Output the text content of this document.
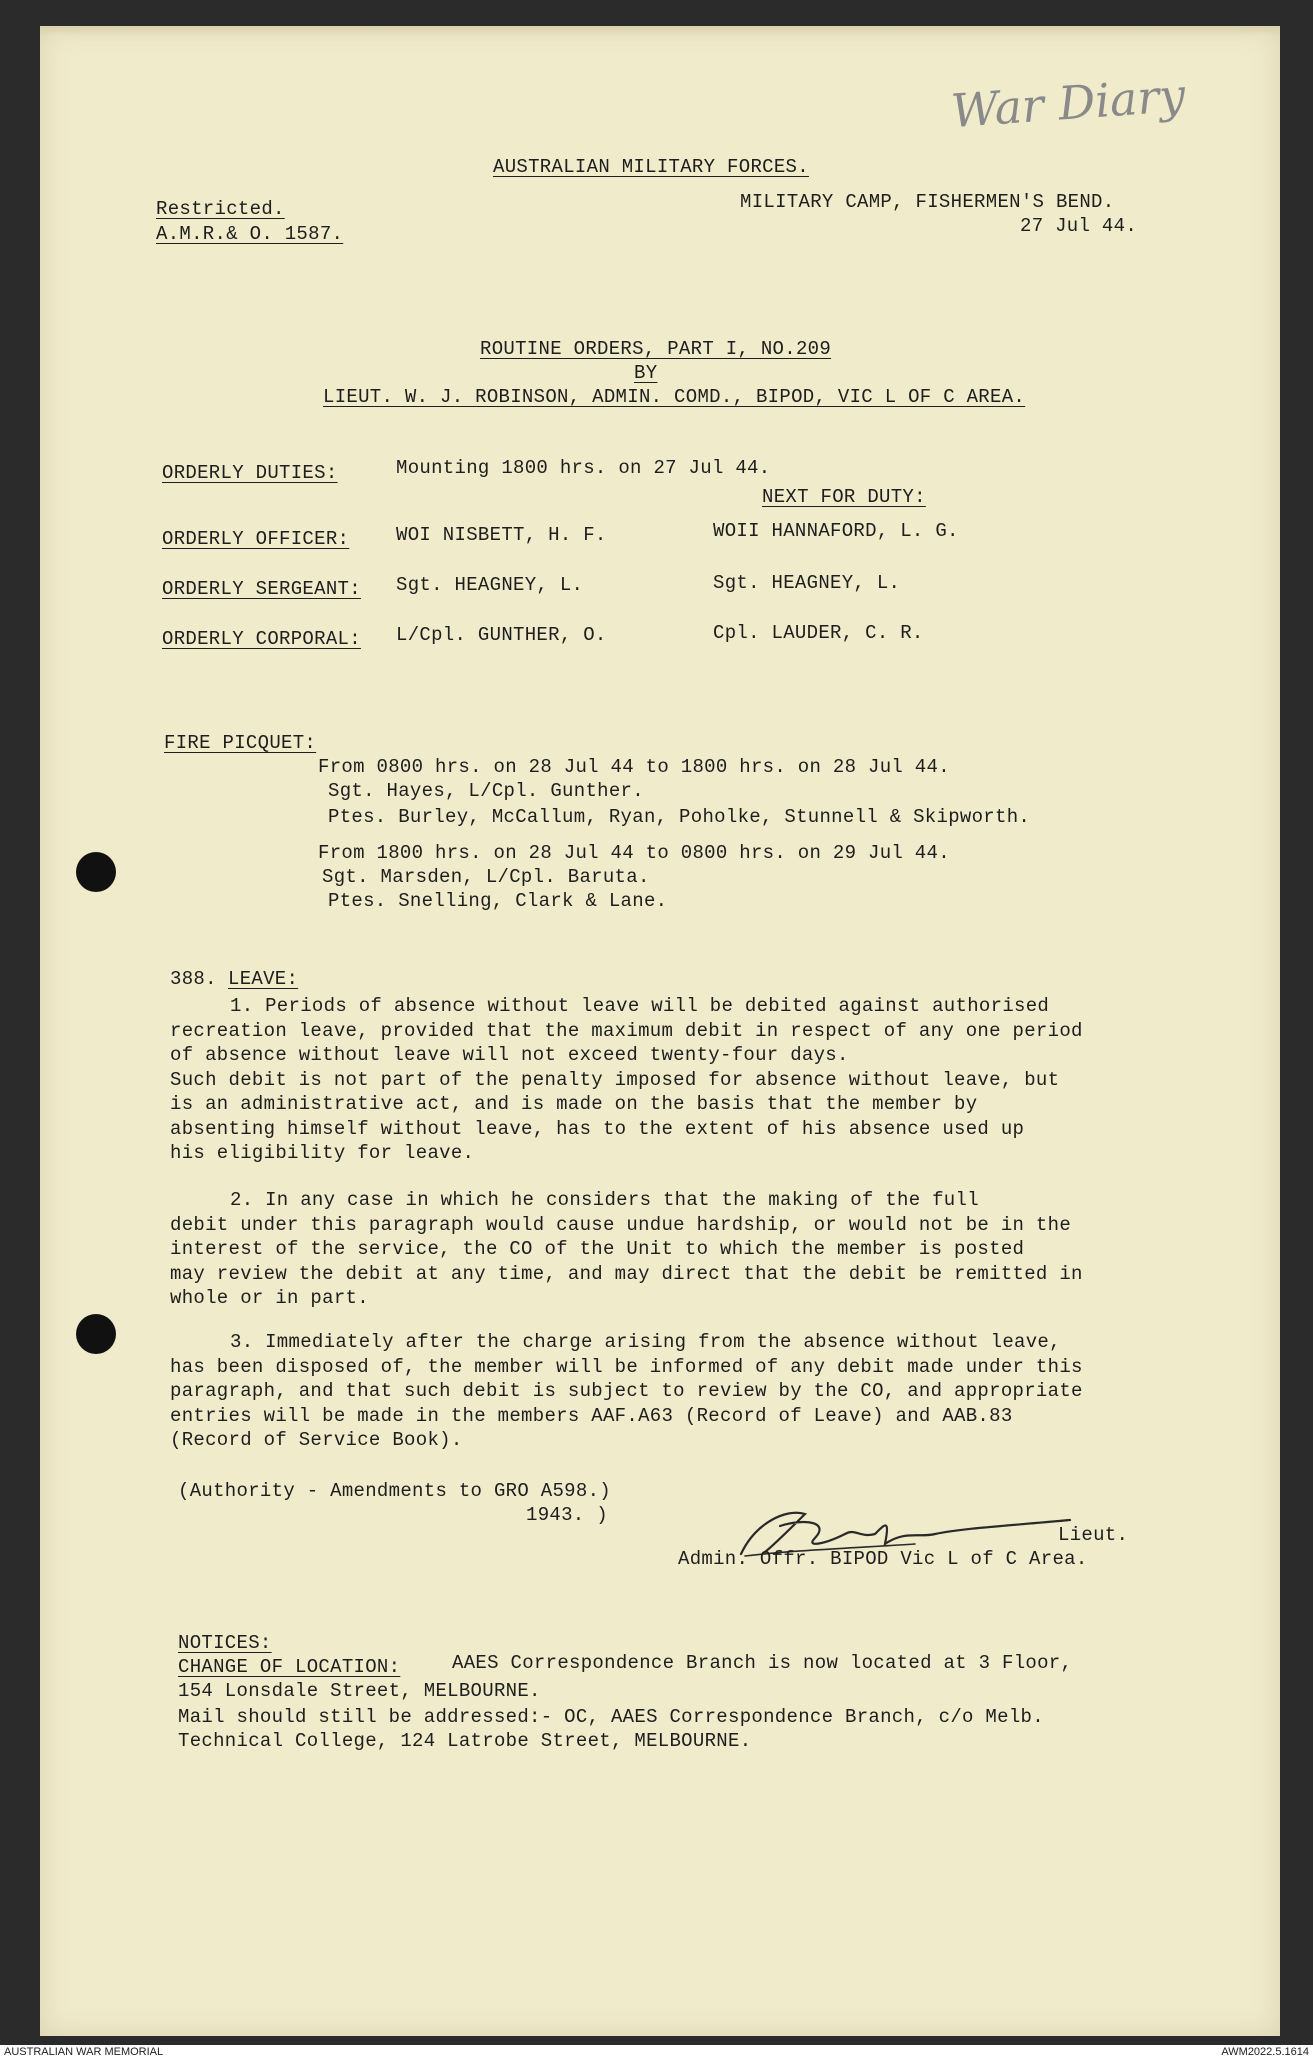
War Diary
AUSTRALIAN MILITARY FORCES.
Restricted.
A.M.R.& O. 1587.
MILITARY CAMP, FISHERMEN'S BEND.
27 Jul 44.
ROUTINE ORDERS, PART I, NO.209
BY
LIEUT. W. J. ROBINSON, ADMIN. COMD., BIPOD, VIC L OF C AREA.
ORDERLY DUTIES:	Mounting 1800 hrs. on 27 Jul 44.
NEXT FOR DUTY:
ORDERLY OFFICER: WOI NISBETT, H. F.	WOII HANNAFORD, L. G.
ORDERLY SERGEANT: Sgt. HEAGNEY, L.	Sgt. HEAGNEY, L.
ORDERLY CORPORAL: L/Cpl. GUNTHER, O.	Cpl. LAUDER, C. R.
FIRE PICQUET:
From 0800 hrs. on 28 Jul 44 to 1800 hrs. on 28 Jul 44.
Sgt. Hayes, L/Cpl. Gunther.
Ptes. Burley, McCallum, Ryan, Poholke, Stunnell & Skipworth.
From 1800 hrs. on 28 Jul 44 to 0800 hrs. on 29 Jul 44.
Sgt. Marsden, L/Cpl. Baruta.
Ptes. Snelling, Clark & Lane.
388. LEAVE:
1. Periods of absence without leave will be debited against authorised
recreation leave, provided that the maximum debit in respect of any one period
of absence without leave will not exceed twenty-four days.
Such debit is not part of the penalty imposed for absence without leave, but
is an administrative act, and is made on the basis that the member by
absenting himself without leave, has to the extent of his absence used up
his eligibility for leave.
2. In any case in which he considers that the making of the full
debit under this paragraph would cause undue hardship, or would not be in the
interest of the service, the CO of the Unit to which the member is posted
may review the debit at any time, and may direct that the debit be remitted in
whole or in part.
3. Immediately after the charge arising from the absence without leave,
has been disposed of, the member will be informed of any debit made under this
paragraph, and that such debit is subject to review by the CO, and appropriate
entries will be made in the members AAF.A63 (Record of Leave) and AAB.83
(Record of Service Book).
(Authority - Amendments to GRO A598.)
1943. )
Lieut.
Admin. Offr. BIPOD Vic L of C Area.
NOTICES:
CHANGE OF LOCATION:	AAES Correspondence Branch is now located at 3 Floor,
154 Lonsdale Street, MELBOURNE.
Mail should still be addressed:- OC, AAES Correspondence Branch, c/o Melb.
Technical College, 124 Latrobe Street, MELBOURNE.
AUSTRALIAN WAR MEMORIAL	AWM2022.5.1614
